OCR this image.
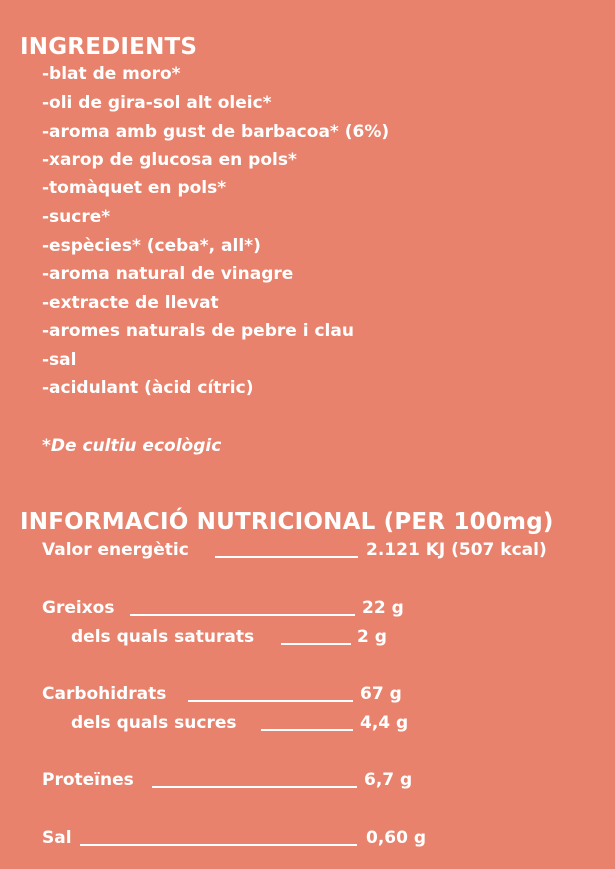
INGREDIENTS
-blat de moro*
-oli de gira-sol alt oleic*
-aroma amb gust de barbacoa* (6%)
-xarop de glucosa en pols*
-tomàquet en pols*
-sucre*
-espècies* (ceba*, all*)
-aroma natural de vinagre
-extracte de llevat
-aromes naturals de pebre i clau
-sal
-acidulant (àcid cítric)
*De cultiu ecològic
INFORMACIÓ NUTRICIONAL (PER 100mg)
Valor energètic	2.121 KJ (507 kcal)
Greixos	22 g
dels quals saturats	2 g
Carbohidrats	67 g
dels quals sucres	4,4 g
Proteïnes	6,7 g
Sal	0,60 g
